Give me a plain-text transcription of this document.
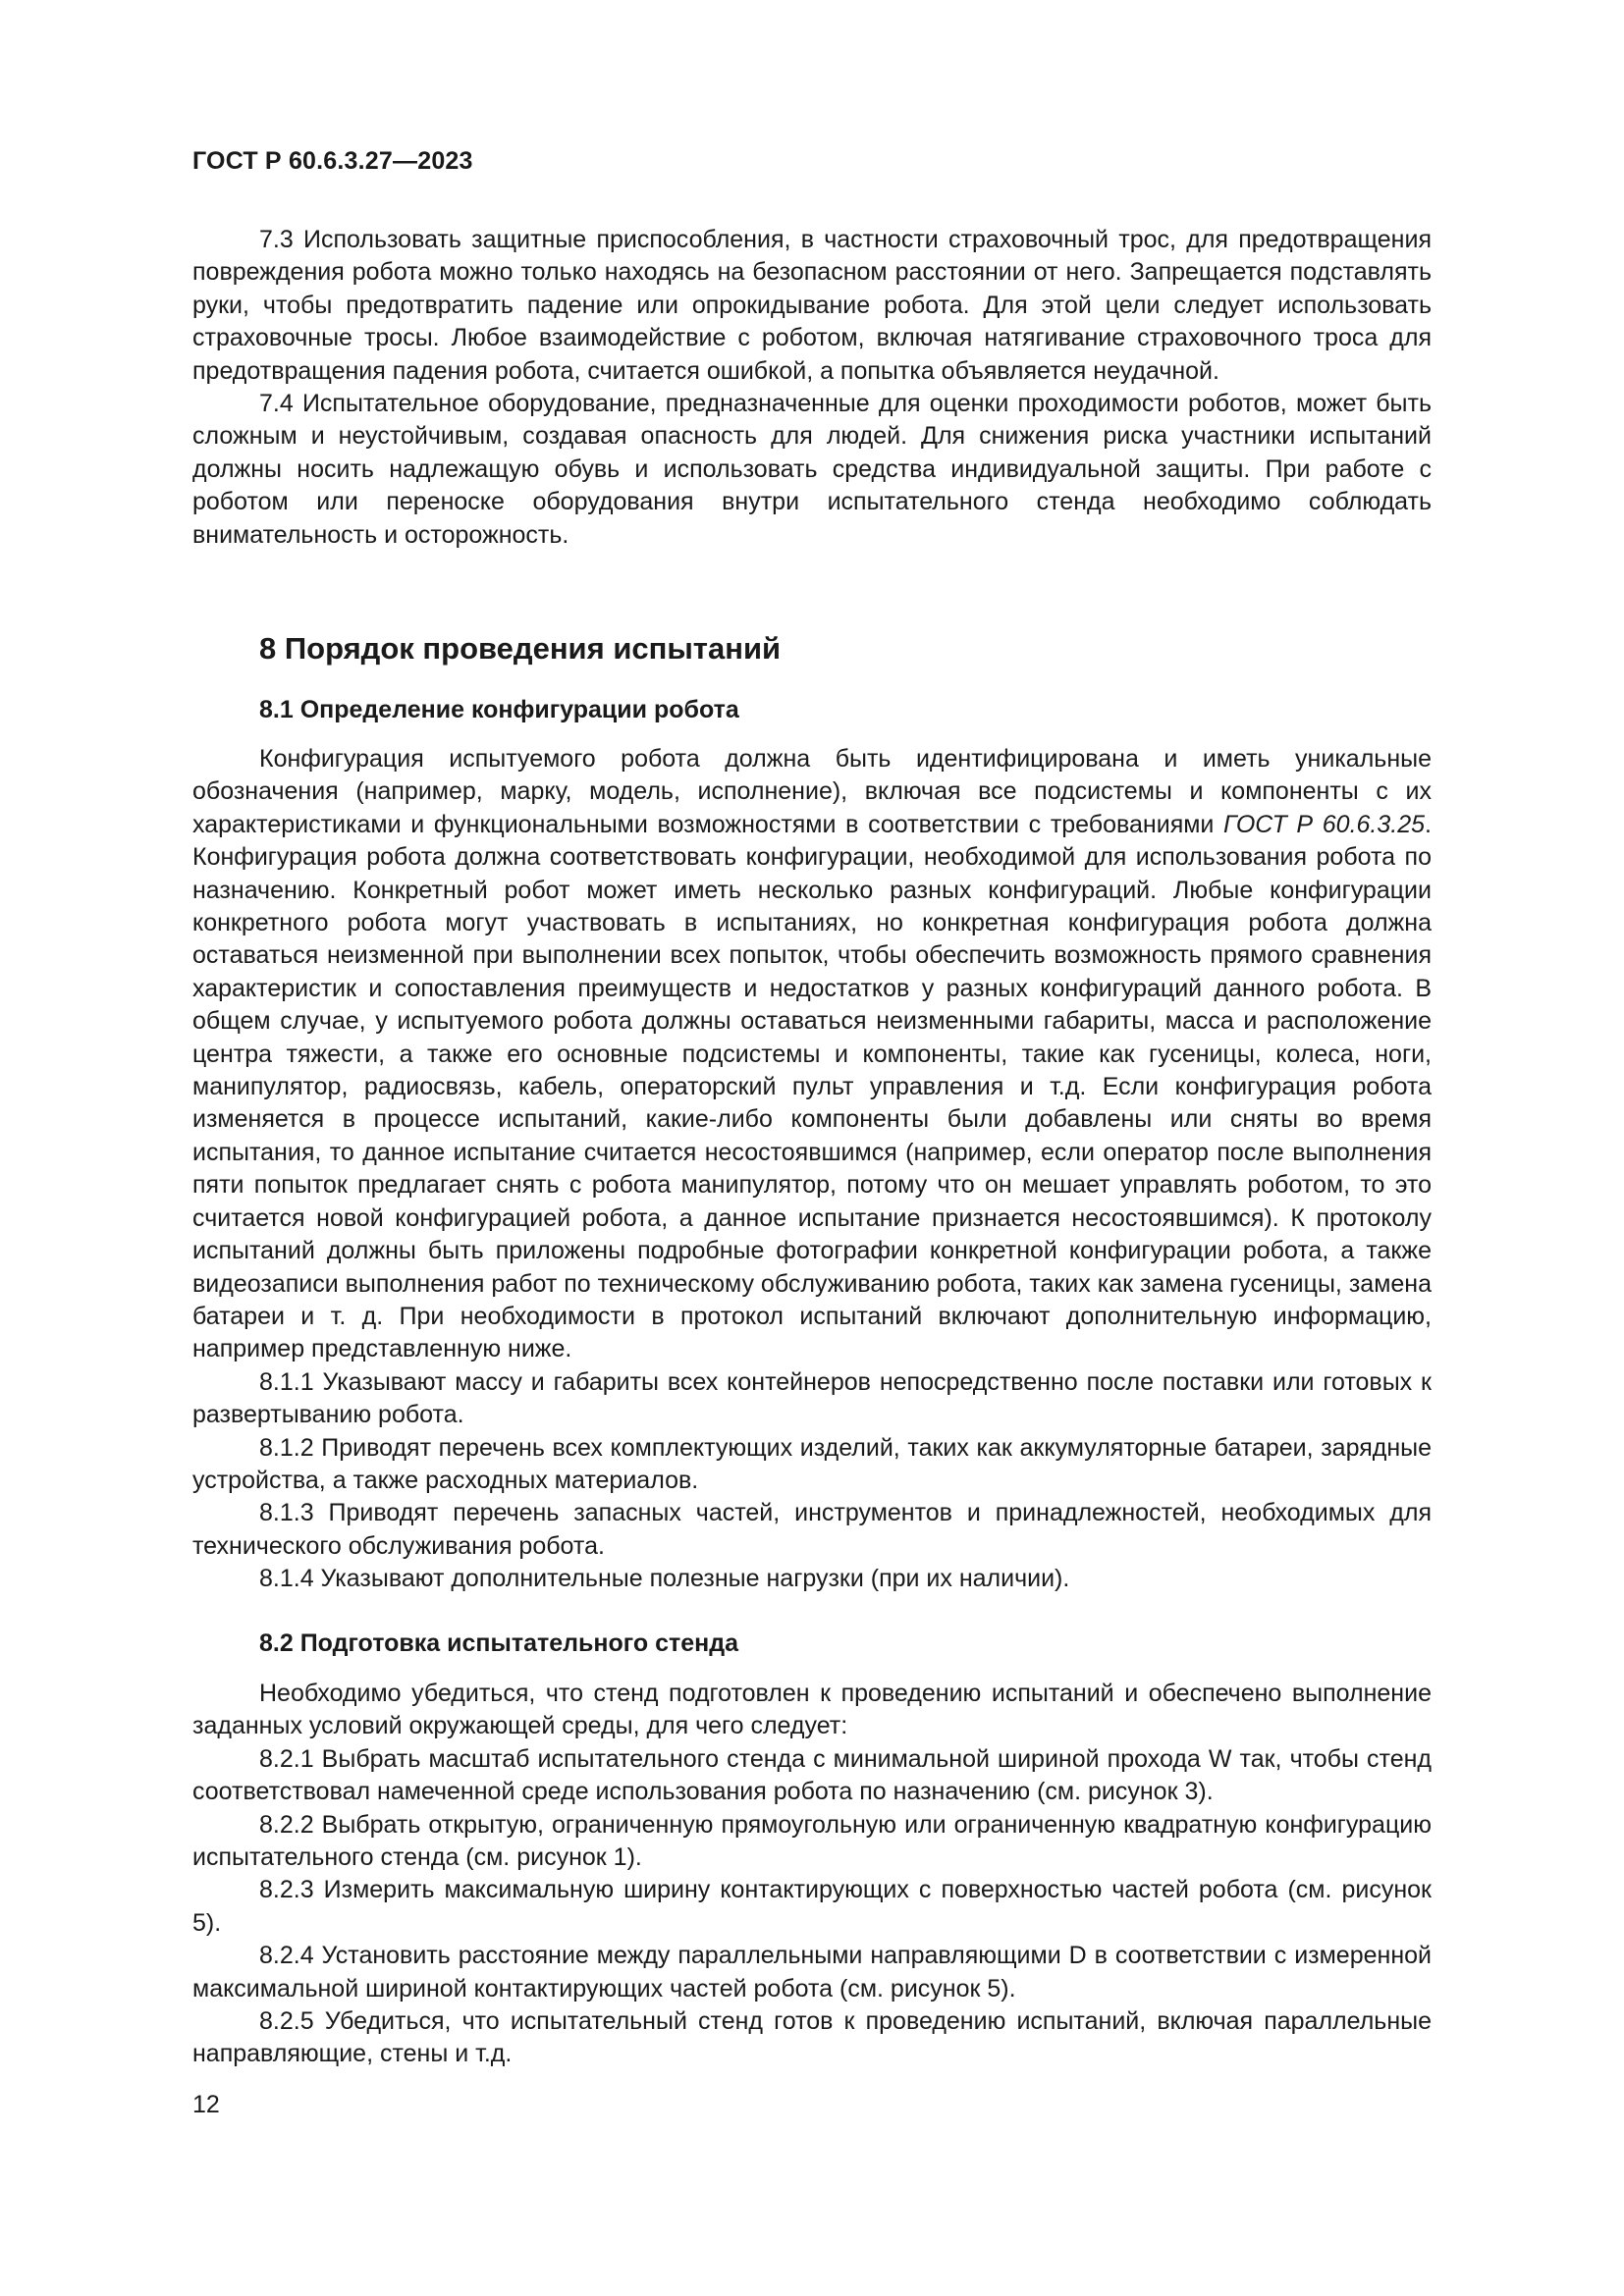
ГОСТ Р 60.6.3.27—2023

7.3 Использовать защитные приспособления, в частности страховочный трос, для предотвращения повреждения робота можно только находясь на безопасном расстоянии от него. Запрещается подставлять руки, чтобы предотвратить падение или опрокидывание робота. Для этой цели следует использовать страховочные тросы. Любое взаимодействие с роботом, включая натягивание страховочного троса для предотвращения падения робота, считается ошибкой, а попытка объявляется неудачной.

7.4 Испытательное оборудование, предназначенные для оценки проходимости роботов, может быть сложным и неустойчивым, создавая опасность для людей. Для снижения риска участники испытаний должны носить надлежащую обувь и использовать средства индивидуальной защиты. При работе с роботом или переноске оборудования внутри испытательного стенда необходимо соблюдать внимательность и осторожность.

8 Порядок проведения испытаний
8.1 Определение конфигурации робота

Конфигурация испытуемого робота должна быть идентифицирована и иметь уникальные обозначения (например, марку, модель, исполнение), включая все подсистемы и компоненты с их характеристиками и функциональными возможностями в соответствии с требованиями ГОСТ Р 60.6.3.25. Конфигурация робота должна соответствовать конфигурации, необходимой для использования робота по назначению. Конкретный робот может иметь несколько разных конфигураций. Любые конфигурации конкретного робота могут участвовать в испытаниях, но конкретная конфигурация робота должна оставаться неизменной при выполнении всех попыток, чтобы обеспечить возможность прямого сравнения характеристик и сопоставления преимуществ и недостатков у разных конфигураций данного робота. В общем случае, у испытуемого робота должны оставаться неизменными габариты, масса и расположение центра тяжести, а также его основные подсистемы и компоненты, такие как гусеницы, колеса, ноги, манипулятор, радиосвязь, кабель, операторский пульт управления и т.д. Если конфигурация робота изменяется в процессе испытаний, какие-либо компоненты были добавлены или сняты во время испытания, то данное испытание считается несостоявшимся (например, если оператор после выполнения пяти попыток предлагает снять с робота манипулятор, потому что он мешает управлять роботом, то это считается новой конфигурацией робота, а данное испытание признается несостоявшимся). К протоколу испытаний должны быть приложены подробные фотографии конкретной конфигурации робота, а также видеозаписи выполнения работ по техническому обслуживанию робота, таких как замена гусеницы, замена батареи и т. д. При необходимости в протокол испытаний включают дополнительную информацию, например представленную ниже.

8.1.1 Указывают массу и габариты всех контейнеров непосредственно после поставки или готовых к развертыванию робота.

8.1.2 Приводят перечень всех комплектующих изделий, таких как аккумуляторные батареи, зарядные устройства, а также расходных материалов.

8.1.3 Приводят перечень запасных частей, инструментов и принадлежностей, необходимых для технического обслуживания робота.

8.1.4 Указывают дополнительные полезные нагрузки (при их наличии).

8.2 Подготовка испытательного стенда

Необходимо убедиться, что стенд подготовлен к проведению испытаний и обеспечено выполнение заданных условий окружающей среды, для чего следует:

8.2.1 Выбрать масштаб испытательного стенда с минимальной шириной прохода W так, чтобы стенд соответствовал намеченной среде использования робота по назначению (см. рисунок 3).

8.2.2 Выбрать открытую, ограниченную прямоугольную или ограниченную квадратную конфигурацию испытательного стенда (см. рисунок 1).

8.2.3 Измерить максимальную ширину контактирующих с поверхностью частей робота (см. рисунок 5).

8.2.4 Установить расстояние между параллельными направляющими D в соответствии с измеренной максимальной шириной контактирующих частей робота (см. рисунок 5).

8.2.5 Убедиться, что испытательный стенд готов к проведению испытаний, включая параллельные направляющие, стены и т.д.

12
